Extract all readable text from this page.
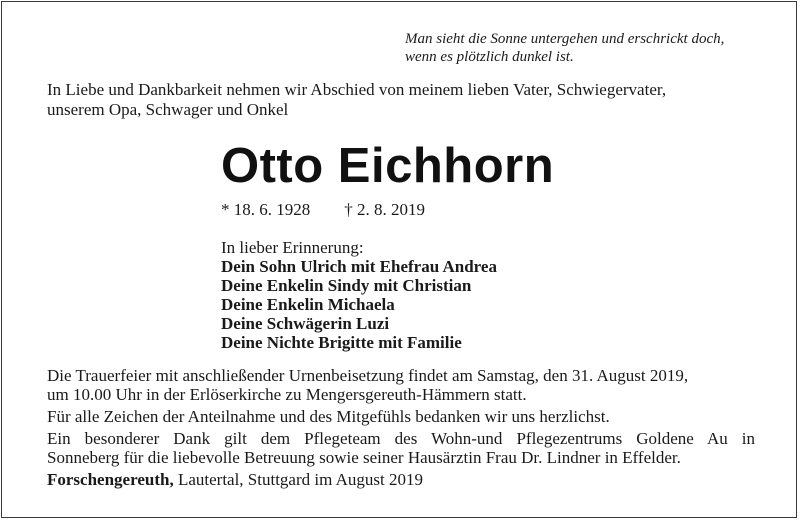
Man sieht die Sonne untergehen und erschrickt doch,
wenn es plötzlich dunkel ist.
In Liebe und Dankbarkeit nehmen wir Abschied von meinem lieben Vater, Schwiegervater,
unserem Opa, Schwager und Onkel
Otto Eichhorn
* 18. 6. 1928 † 2. 8. 2019
In lieber Erinnerung:
Dein Sohn Ulrich mit Ehefrau Andrea
Deine Enkelin Sindy mit Christian
Deine Enkelin Michaela
Deine Schwägerin Luzi
Deine Nichte Brigitte mit Familie

Die Trauerfeier mit anschließender Urnenbeisetzung findet am Samstag, den 31. August 2019,
um 10.00 Uhr in der Erlöserkirche zu Mengersgereuth-Hämmern statt.

Für alle Zeichen der Anteilnahme und des Mitgefühls bedanken wir uns herzlichst.

Ein besonderer Dank gilt dem Pflegeteam des Wohn-und Pflegezentrums Goldene Au in
Sonneberg für die liebevolle Betreuung sowie seiner Hausärztin Frau Dr. Lindner in Effelder.

Forschengereuth, Lautertal, Stuttgard im August 2019
